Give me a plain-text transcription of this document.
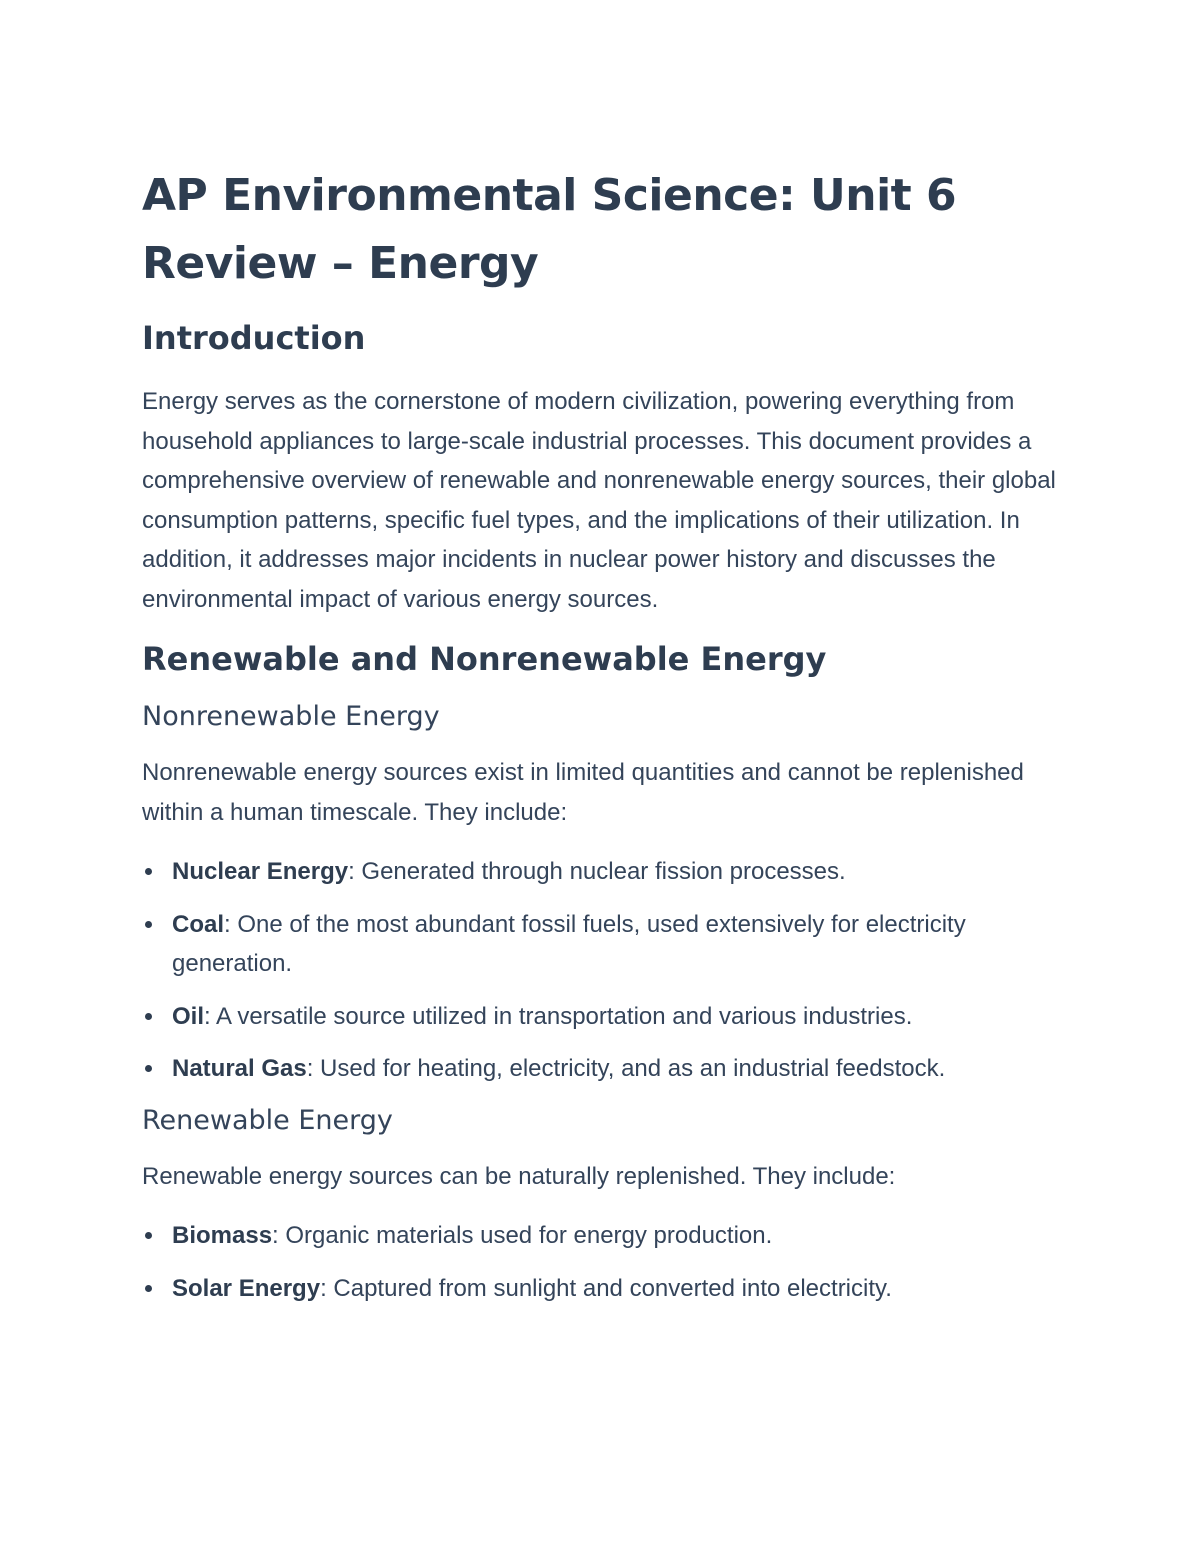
AP Environmental Science: Unit 6 Review – Energy
Introduction

Energy serves as the cornerstone of modern civilization, powering everything from household appliances to large-scale industrial processes. This document provides a comprehensive overview of renewable and nonrenewable energy sources, their global consumption patterns, specific fuel types, and the implications of their utilization. In addition, it addresses major incidents in nuclear power history and discusses the environmental impact of various energy sources.

Renewable and Nonrenewable Energy
Nonrenewable Energy

Nonrenewable energy sources exist in limited quantities and cannot be replenished within a human timescale. They include:

Nuclear Energy: Generated through nuclear fission processes.
Coal: One of the most abundant fossil fuels, used extensively for electricity generation.
Oil: A versatile source utilized in transportation and various industries.
Natural Gas: Used for heating, electricity, and as an industrial feedstock.
Renewable Energy

Renewable energy sources can be naturally replenished. They include:

Biomass: Organic materials used for energy production.
Solar Energy: Captured from sunlight and converted into electricity.
